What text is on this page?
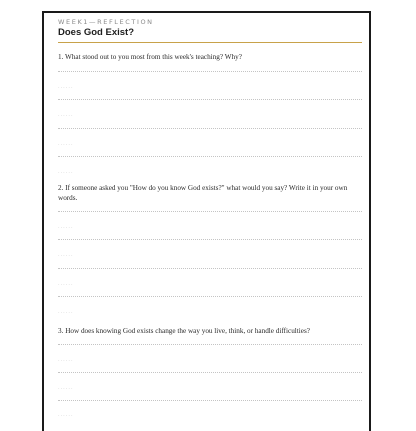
WEEK1—REFLECTION
Does God Exist?
1. What stood out to you most from this week's teaching? Why?
......
......
......
......
2. If someone asked you "How do you know God exists?" what would you say? Write it in your own words.
......
......
......
......
3. How does knowing God exists change the way you live, think, or handle difficulties?
......
......
......
